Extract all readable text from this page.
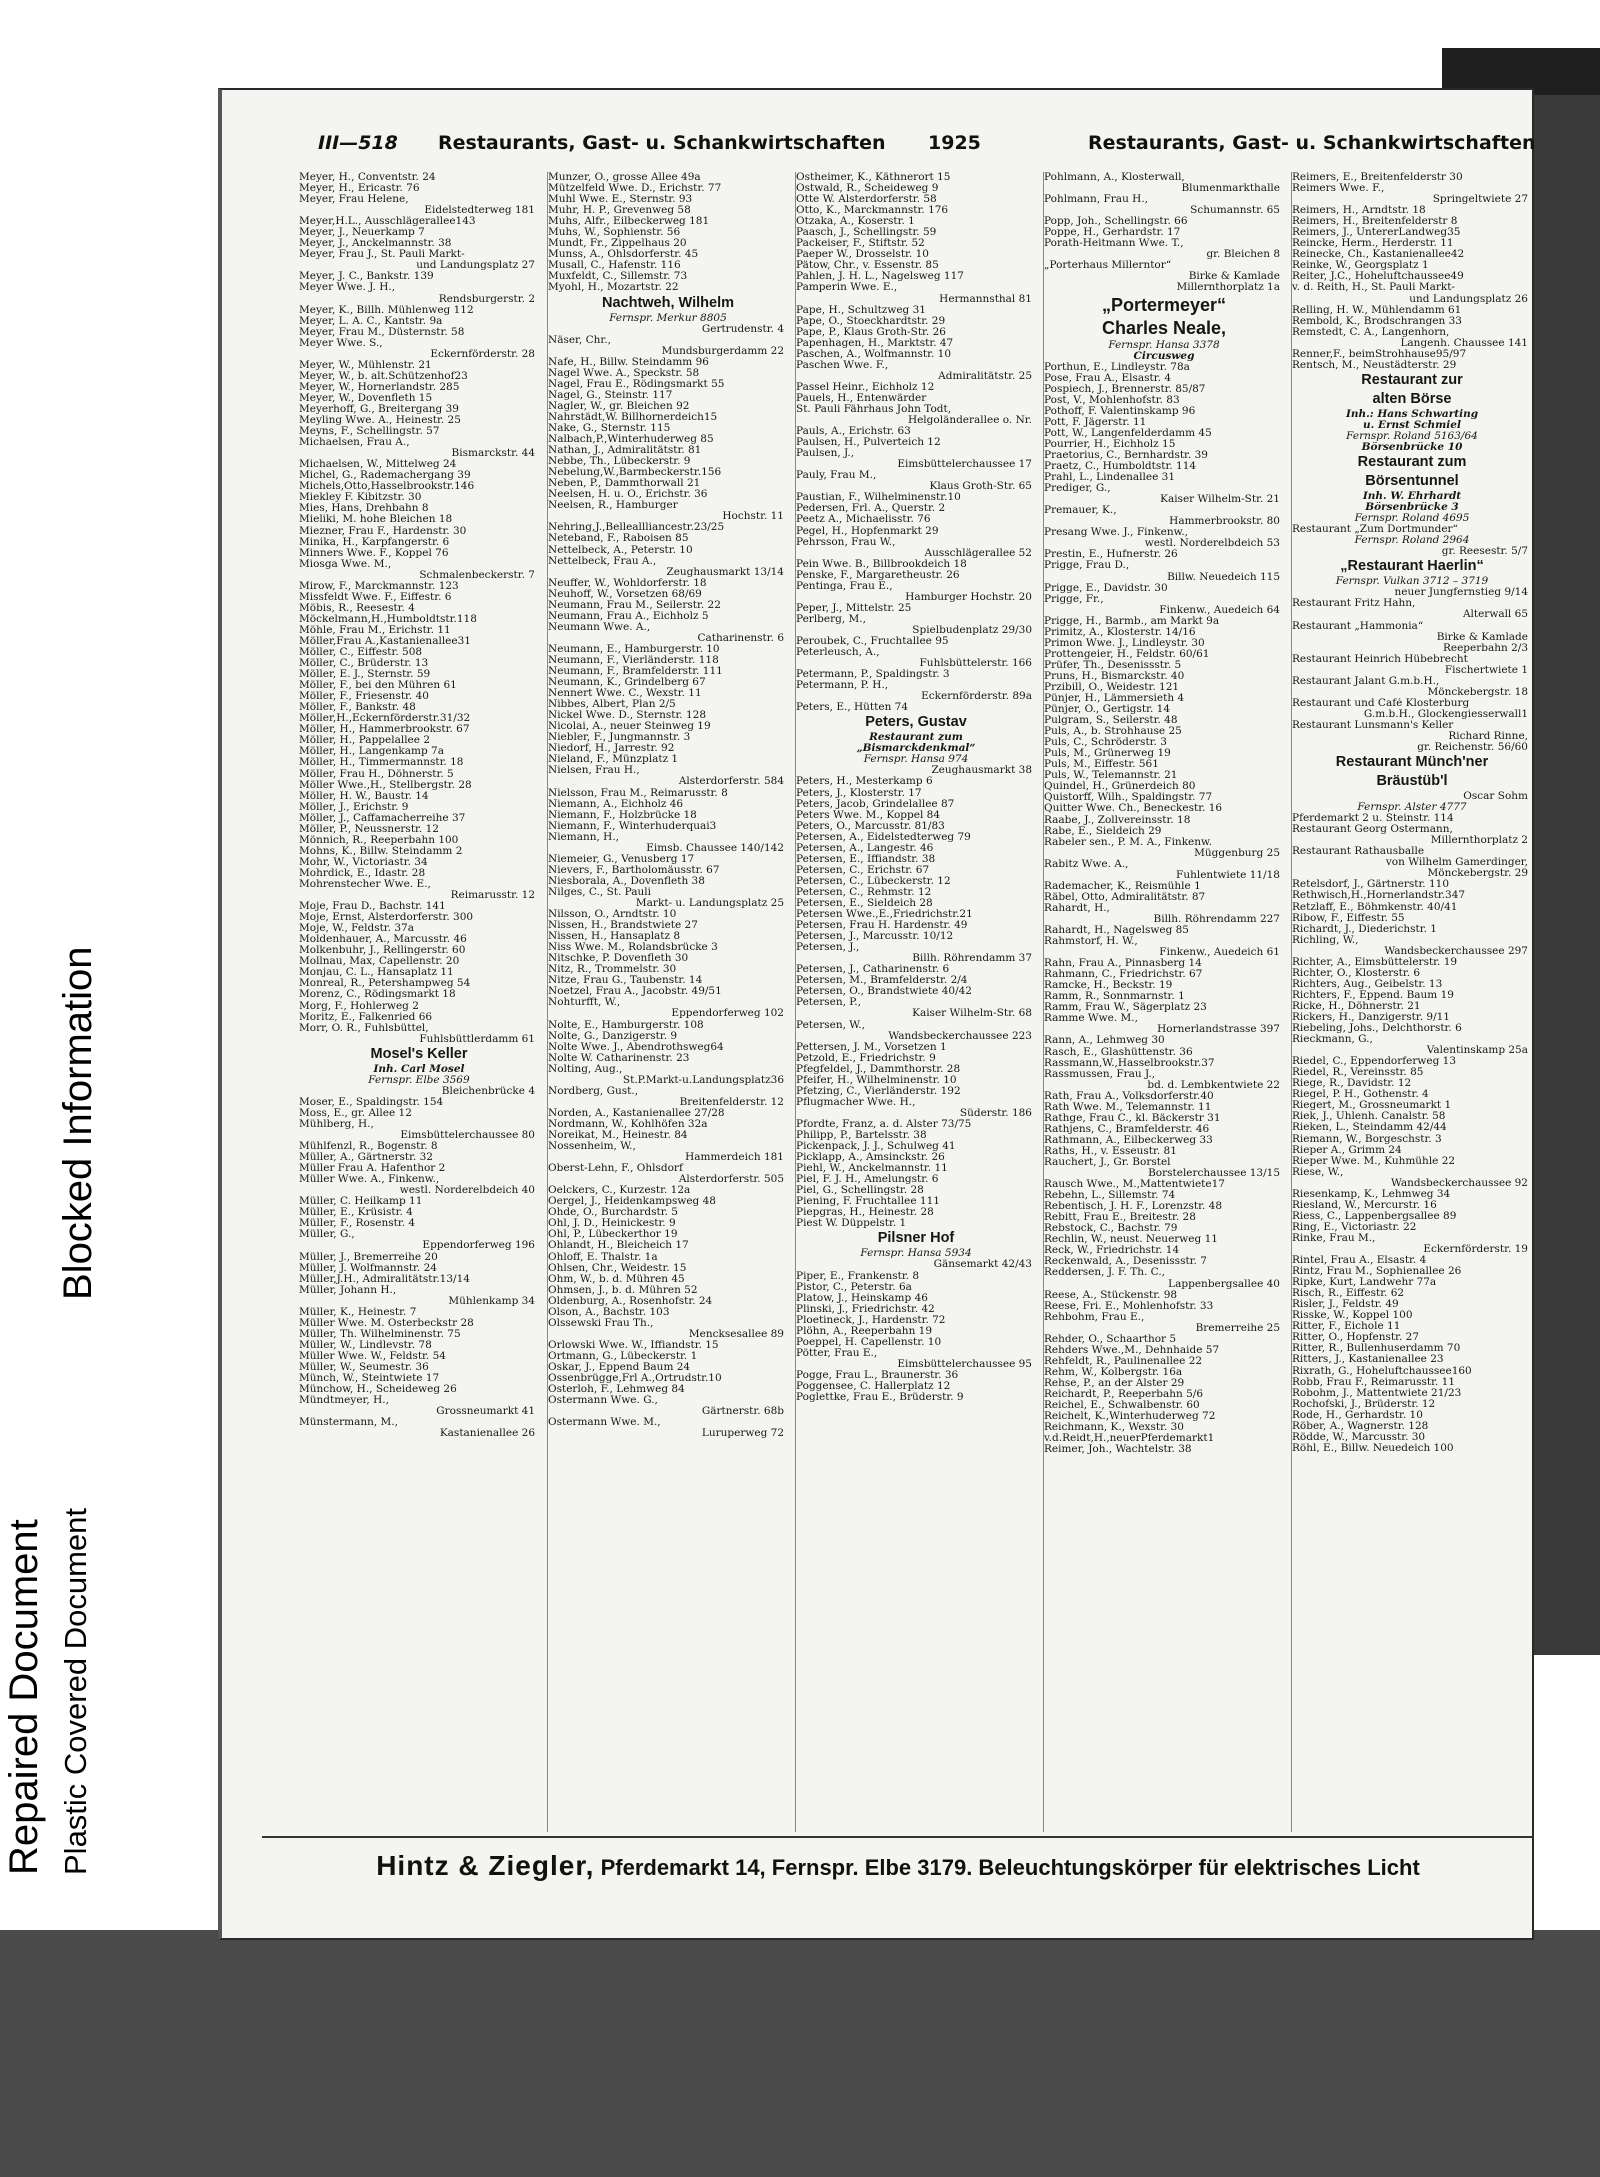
Repaired Document Plastic Covered Document
Blocked Information
III—518 Restaurants, Gast- u. Schankwirtschaften 1925	Restaurants, Gast- u. Schankwirtschaften
Meyer, H., Conventstr. 24
Meyer, H., Ericastr. 76
Meyer, Frau Helene,
Eidelstedterweg 181
Meyer,H.L., Ausschlägerallee143
Meyer, J., Neuerkamp 7
Meyer, J., Anckelmannstr. 38
Meyer, Frau J., St. Pauli Markt-
und Landungsplatz 27
Meyer, J. C., Bankstr. 139
Meyer Wwe. J. H.,
Rendsburgerstr. 2
Meyer, K., Billh. Mühlenweg 112
Meyer, L. A. C., Kantstr. 9a
Meyer, Frau M., Düsternstr. 58
Meyer Wwe. S.,
Eckernförderstr. 28
Meyer, W., Mühlenstr. 21
Meyer, W., b. alt.Schützenhof23
Meyer, W., Hornerlandstr. 285
Meyer, W., Dovenfleth 15
Meyerhoff, G., Breitergang 39
Meyling Wwe. A., Heinestr. 25
Meyns, F., Schellingstr. 57
Michaelsen, Frau A.,
Bismarckstr. 44
Michaelsen, W., Mittelweg 24
Michel, G., Rademachergang 39
Michels,Otto,Hasselbrookstr.146
Miekley F. Kibitzstr. 30
Mies, Hans, Drehbahn 8
Mieliki, M. hohe Bleichen 18
Miezner, Frau F., Hardenstr. 30
Minika, H., Karpfangerstr. 6
Minners Wwe. F., Koppel 76
Miosga Wwe. M.,
Schmalenbeckerstr. 7
Mirow, F., Marckmannstr. 123
Missfeldt Wwe. F., Eiffestr. 6
Möbis, R., Reesestr. 4
Möckelmann,H.,Humboldtstr.118
Möhle, Frau M., Erichstr. 11
Möller,Frau A.,Kastanienallee31
Möller, C., Eiffestr. 508
Möller, C., Brüderstr. 13
Möller, E. J., Sternstr. 59
Möller, F., bei den Mühren 61
Möller, F., Friesenstr. 40
Möller, F., Bankstr. 48
Möller,H.,Eckernförderstr.31/32
Möller, H., Hammerbrookstr. 67
Möller, H., Pappelallee 2
Möller, H., Langenkamp 7a
Möller, H., Timmermannstr. 18
Möller, Frau H., Döhnerstr. 5
Möller Wwe.,H., Stellbergstr. 28
Möller, H. W., Baustr. 14
Möller, J., Erichstr. 9
Möller, J., Caffamacherreihe 37
Möller, P., Neussnerstr. 12
Mönnich, R., Reeperbahn 100
Mohns, K., Billw. Steindamm 2
Mohr, W., Victoriastr. 34
Mohrdick, E., Idastr. 28
Mohrenstecher Wwe. E.,
Reimarusstr. 12
Moje, Frau D., Bachstr. 141
Moje, Ernst, Alsterdorferstr. 300
Moje, W., Feldstr. 37a
Moldenhauer, A., Marcusstr. 46
Molkenbuhr, J., Rellingerstr. 60
Mollnau, Max, Capellenstr. 20
Monjau, C. L., Hansaplatz 11
Monreal, R., Petershampweg 54
Morenz, C., Rödingsmarkt 18
Morg, F., Hohlerweg 2
Moritz, E., Falkenried 66
Morr, O. R., Fuhlsbüttel,
Fuhlsbüttlerdamm 61
Mosel's Keller
Inh. Carl Mosel
Fernspr. Elbe 3569
Bleichenbrücke 4
Moser, E., Spaldingstr. 154
Moss, E., gr. Allee 12
Mühlberg, H.,
Eimsbüttelerchaussee 80
Mühlfenzl, R., Bogenstr. 8
Müller, A., Gärtnerstr. 32
Müller Frau A. Hafenthor 2
Müller Wwe. A., Finkenw.,
westl. Norderelbdeich 40
Müller, C. Heilkamp 11
Müller, E., Krüsistr. 4
Müller, F., Rosenstr. 4
Müller, G.,
Eppendorferweg 196
Müller, J., Bremerreihe 20
Müller, J. Wolfmannstr. 24
Müller,J.H., Admiralitätstr.13/14
Müller, Johann H.,
Mühlenkamp 34
Müller, K., Heinestr. 7
Müller Wwe. M. Osterbeckstr 28
Müller, Th. Wilhelminenstr. 75
Müller, W., Lindlevstr. 78
Müller Wwe. W., Feldstr. 54
Müller, W., Seumestr. 36
Münch, W., Steintwiete 17
Münchow, H., Scheideweg 26
Mündtmeyer, H.,
Grossneumarkt 41
Münstermann, M.,
Kastanienallee 26
Munzer, O., grosse Allee 49a
Mützelfeld Wwe. D., Erichstr. 77
Muhl Wwe. E., Sternstr. 93
Muhr, H. P., Grevenweg 58
Muhs, Alfr., Eilbeckerweg 181
Muhs, W., Sophienstr. 56
Mundt, Fr., Zippelhaus 20
Munss, A., Ohlsdorferstr. 45
Musall, C., Hafenstr. 116
Muxfeldt, C., Sillemstr. 73
Myohl, H., Mozartstr. 22
Nachtweh, Wilhelm
Fernspr. Merkur 8805
Gertrudenstr. 4
Näser, Chr.,
Mundsburgerdamm 22
Nafe, H., Billw. Steindamm 96
Nagel Wwe. A., Speckstr. 58
Nagel, Frau E., Rödingsmarkt 55
Nagel, G., Steinstr. 117
Nagler, W., gr. Bleichen 92
Nahrstädt,W. Billhornerdeich15
Nake, G., Sternstr. 115
Nalbach,P.,Winterhuderweg 85
Nathan, J., Admiralitätstr. 81
Nebbe, Th., Lübeckerstr. 9
Nebelung,W.,Barmbeckerstr.156
Neben, P., Dammthorwall 21
Neelsen, H. u. O., Erichstr. 36
Neelsen, R., Hamburger
Hochstr. 11
Nehring,J.,Belleallliancestr.23/25
Neteband, F., Raboisen 85
Nettelbeck, A., Peterstr. 10
Nettelbeck, Frau A.,
Zeughausmarkt 13/14
Neuffer, W., Wohldorferstr. 18
Neuhoff, W., Vorsetzen 68/69
Neumann, Frau M., Seilerstr. 22
Neumann, Frau A., Eichholz 5
Neumann Wwe. A.,
Catharinenstr. 6
Neumann, E., Hamburgerstr. 10
Neumann, F., Vierländerstr. 118
Neumann, F., Bramfelderstr. 111
Neumann, K., Grindelberg 67
Nennert Wwe. C., Wexstr. 11
Nibbes, Albert, Plan 2/5
Nickel Wwe. D., Sternstr. 128
Nicolai, A., neuer Steinweg 19
Niebler, F., Jungmannstr. 3
Niedorf, H., Jarrestr. 92
Nieland, F., Münzplatz 1
Nielsen, Frau H.,
Alsterdorferstr. 584
Nielsson, Frau M., Reimarusstr. 8
Niemann, A., Eichholz 46
Niemann, F., Holzbrücke 18
Niemann, F., Winterhuderquai3
Niemann, H.,
Eimsb. Chaussee 140/142
Niemeier, G., Venusberg 17
Nievers, F., Bartholomäusstr. 67
Niesborala, A., Dovenfleth 38
Nilges, C., St. Pauli
Markt- u. Landungsplatz 25
Nilsson, O., Arndtstr. 10
Nissen, H., Brandstwiete 27
Nissen, H., Hansaplatz 8
Niss Wwe. M., Rolandsbrücke 3
Nitschke, P. Dovenfleth 30
Nitz, R., Trommelstr. 30
Nitze, Frau G., Taubenstr. 14
Noetzel, Frau A., Jacobstr. 49/51
Nohturfft, W.,
Eppendorferweg 102
Nolte, E., Hamburgerstr. 108
Nolte, G., Danzigerstr. 9
Nolte Wwe. J., Abendrothsweg64
Nolte W. Catharinenstr. 23
Nolting, Aug.,
St.P.Markt-u.Landungsplatz36
Nordberg, Gust.,
Breitenfelderstr. 12
Norden, A., Kastanienallee 27/28
Nordmann, W., Kohlhöfen 32a
Noreikat, M., Heinestr. 84
Nossenheim, W.,
Hammerdeich 181
Oberst-Lehn, F., Ohlsdorf
Alsterdorferstr. 505
Oelckers, C., Kurzestr. 12a
Oergel, J., Heidenkampsweg 48
Ohde, O., Burchardstr. 5
Ohl, J. D., Heinickestr. 9
Ohl, P., Lübeckerthor 19
Ohlandt, H., Bleicheich 17
Ohloff, E. Thalstr. 1a
Ohlsen, Chr., Weidestr. 15
Ohm, W., b. d. Mühren 45
Ohmsen, J., b. d. Mühren 52
Oldenburg, A., Rosenhofstr. 24
Olson, A., Bachstr. 103
Olssewski Frau Th.,
Mencksesallee 89
Orlowski Wwe. W., Iffiandstr. 15
Ortmann, G., Lübeckerstr. 1
Oskar, J., Eppend Baum 24
Ossenbrügge,Frl A.,Ortrudstr.10
Osterloh, F., Lehmweg 84
Ostermann Wwe. G.,
Gärtnerstr. 68b
Ostermann Wwe. M.,
Luruperweg 72
Ostheimer, K., Käthnerort 15
Ostwald, R., Scheideweg 9
Otte W. Alsterdorferstr. 58
Otto, K., Marckmannstr. 176
Otzaka, A., Koserstr. 1
Paasch, J., Schellingstr. 59
Packeiser, F., Stiftstr. 52
Paeper W., Drosselstr. 10
Pätow, Chr., v. Essenstr. 85
Pahlen, J. H. L., Nagelsweg 117
Pamperin Wwe. E.,
Hermannsthal 81
Pape, H., Schultzweg 31
Pape, O., Stoeckhardtstr. 29
Pape, P., Klaus Groth-Str. 26
Papenhagen, H., Marktstr. 47
Paschen, A., Wolfmannstr. 10
Paschen Wwe. F.,
Admiralitätstr. 25
Passel Heinr., Eichholz 12
Pauels, H., Entenwärder
St. Pauli Fährhaus John Todt,
Helgoländerallee o. Nr.
Pauls, A., Erichstr. 63
Paulsen, H., Pulverteich 12
Paulsen, J.,
Eimsbüttelerchaussee 17
Pauly, Frau M.,
Klaus Groth-Str. 65
Paustian, F., Wilhelminenstr.10
Pedersen, Frl. A., Querstr. 2
Peetz A., Michaelisstr. 76
Pegel, H., Hopfenmarkt 29
Pehrsson, Frau W.,
Ausschlägerallee 52
Pein Wwe. B., Billbrookdeich 18
Penske, F., Margaretheustr. 26
Pentinga, Frau E.,
Hamburger Hochstr. 20
Peper, J., Mittelstr. 25
Perlberg, M.,
Spielbudenplatz 29/30
Peroubek, C., Fruchtallee 95
Peterleusch, A.,
Fuhlsbüttelerstr. 166
Petermann, P., Spaldingstr. 3
Petermann, P. H.,
Eckernförderstr. 89a
Peters, E., Hütten 74
Peters, Gustav
Restaurant zum
„Bismarckdenkmal“
Fernspr. Hansa 974
Zeughausmarkt 38
Peters, H., Mesterkamp 6
Peters, J., Klosterstr. 17
Peters, Jacob, Grindelallee 87
Peters Wwe. M., Koppel 84
Peters, O., Marcusstr. 81/83
Petersen, A., Eidelstedterweg 79
Petersen, A., Langestr. 46
Petersen, E., Iffiandstr. 38
Petersen, C., Erichstr. 67
Petersen, C., Lübeckerstr. 12
Petersen, C., Rehmstr. 12
Petersen, E., Sieldeich 28
Petersen Wwe.,E.,Friedrichstr.21
Petersen, Frau H. Hardenstr. 49
Petersen, J., Marcusstr. 10/12
Petersen, J.,
Billh. Röhrendamm 37
Petersen, J., Catharinenstr. 6
Petersen, M., Bramfelderstr. 2/4
Petersen, O., Brandstwiete 40/42
Petersen, P.,
Kaiser Wilhelm-Str. 68
Petersen, W.,
Wandsbeckerchaussee 223
Pettersen, J. M., Vorsetzen 1
Petzold, E., Friedrichstr. 9
Pfegfeldel, J., Dammthorstr. 28
Pfeifer, H., Wilhelminenstr. 10
Pfetzing, C., Vierländerstr. 192
Pflugmacher Wwe. H.,
Süderstr. 186
Pfordte, Franz, a. d. Alster 73/75
Philipp, P., Bartelsstr. 38
Pickenpack, J. J., Schulweg 41
Picklapp, A., Amsinckstr. 26
Piehl, W., Anckelmannstr. 11
Piel, F. J. H., Amelungstr. 6
Piel, G., Schellingstr. 28
Piening, F. Fruchtallee 111
Piepgras, H., Heinestr. 28
Piest W. Düppelstr. 1
Pilsner Hof
Fernspr. Hansa 5934
Gänsemarkt 42/43
Piper, E., Frankenstr. 8
Pistor, C., Peterstr. 6a
Platow, J., Heinskamp 46
Plinski, J., Friedrichstr. 42
Ploetineck, J., Hardenstr. 72
Plöhn, A., Reeperbahn 19
Poeppel, H. Capellenstr. 10
Pötter, Frau E.,
Eimsbüttelerchaussee 95
Pogge, Frau L., Braunerstr. 36
Poggensee, C. Hallerplatz 12
Poglettke, Frau E., Brüderstr. 9
Pohlmann, A., Klosterwall,
Blumenmarkthalle
Pohlmann, Frau H.,
Schumannstr. 65
Popp, Joh., Schellingstr. 66
Poppe, H., Gerhardstr. 17
Porath-Heitmann Wwe. T.,
gr. Bleichen 8
„Porterhaus Millerntor“
Birke & Kamlade
Millernthorplatz 1a
„Portermeyer“
Charles Neale,
Fernspr. Hansa 3378
Circusweg
Porthun, E., Lindleystr. 78a
Pose, Frau A., Elsastr. 4
Pospiech, J., Brennerstr. 85/87
Post, V., Mohlenhofstr. 83
Pothoff, F. Valentinskamp 96
Pott, F. Jägerstr. 11
Pott, W., Langenfelderdamm 45
Pourrier, H., Eichholz 15
Praetorius, C., Bernhardstr. 39
Praetz, C., Humboldtstr. 114
Prahl, L., Lindenallee 31
Prediger, G.,
Kaiser Wilhelm-Str. 21
Premauer, K.,
Hammerbrookstr. 80
Presang Wwe. J., Finkenw.,
westl. Norderelbdeich 53
Prestin, E., Hufnerstr. 26
Prigge, Frau D.,
Billw. Neuedeich 115
Prigge, E., Davidstr. 30
Prigge, Fr.,
Finkenw., Auedeich 64
Prigge, H., Barmb., am Markt 9a
Primitz, A., Klosterstr. 14/16
Primon Wwe. J., Lindleystr. 30
Prottengeier, H., Feldstr. 60/61
Prüfer, Th., Desenissstr. 5
Pruns, H., Bismarckstr. 40
Przibill, O., Weidestr. 121
Pünjer, H., Lämmersieth 4
Pünjer, O., Gertigstr. 14
Pulgram, S., Seilerstr. 48
Puls, A., b. Strohhause 25
Puls, C., Schröderstr. 3
Puls, M., Grünerweg 19
Puls, M., Eiffestr. 561
Puls, W., Telemannstr. 21
Quindel, H., Grünerdeich 80
Quistorff, Wilh., Spaldingstr. 77
Quitter Wwe. Ch., Beneckestr. 16
Raabe, J., Zollvereinsstr. 18
Rabe, E., Sieldeich 29
Rabeler sen., P. M. A., Finkenw.
Müggenburg 25
Rabitz Wwe. A.,
Fuhlentwiete 11/18
Rademacher, K., Reismühle 1
Räbel, Otto, Admiralitätstr. 87
Rahardt, H.,
Billh. Röhrendamm 227
Rahardt, H., Nagelsweg 85
Rahmstorf, H. W.,
Finkenw., Auedeich 61
Rahn, Frau A., Pinnasberg 14
Rahmann, C., Friedrichstr. 67
Ramcke, H., Beckstr. 19
Ramm, R., Sonnmarnstr. 1
Ramm, Frau W., Sägerplatz 23
Ramme Wwe. M.,
Hornerlandstrasse 397
Rann, A., Lehmweg 30
Rasch, E., Glashüttenstr. 36
Rassmann,W.,Hasselbrookstr.37
Rassmussen, Frau J.,
bd. d. Lembkentwiete 22
Rath, Frau A., Volksdorferstr.40
Rath Wwe. M., Telemannstr. 11
Rathge, Frau C., kl. Bäckerstr 31
Rathjens, C., Bramfelderstr. 46
Rathmann, A., Eilbeckerweg 33
Raths, H., v. Esseustr. 81
Rauchert, J., Gr. Borstel
Borstelerchaussee 13/15
Rausch Wwe., M.,Mattentwiete17
Rebehn, L., Sillemstr. 74
Rebentisch, J. H. F., Lorenzstr. 48
Rebitt, Frau E., Breitestr. 28
Rebstock, C., Bachstr. 79
Rechlin, W., neust. Neuerweg 11
Reck, W., Friedrichstr. 14
Reckenwald, A., Desenissstr. 7
Reddersen, J. F. Th. C.,
Lappenbergsallee 40
Reese, A., Stückenstr. 98
Reese, Fri. E., Mohlenhofstr. 33
Rehbohm, Frau E.,
Bremerreihe 25
Rehder, O., Schaarthor 5
Rehders Wwe.,M., Dehnhaide 57
Rehfeldt, R., Paulinenallee 22
Rehm, W., Kolbergstr. 16a
Rehse, P., an der Alster 29
Reichardt, P., Reeperbahn 5/6
Reichel, E., Schwalbenstr. 60
Reichelt, K.,Winterhuderweg 72
Reichmann, K., Wexstr. 30
v.d.Reidt,H.,neuerPferdemarkt1
Reimer, Joh., Wachtelstr. 38
Reimers, E., Breitenfelderstr 30
Reimers Wwe. F.,
Springeltwiete 27
Reimers, H., Arndtstr. 18
Reimers, H., Breitenfelderstr 8
Reimers, J., UntererLandweg35
Reincke, Herm., Herderstr. 11
Reinecke, Ch., Kastanienallee42
Reinke, W., Georgsplatz 1
Reiter, J.C., Hoheluftchaussee49
v. d. Reith, H., St. Pauli Markt-
und Landungsplatz 26
Relling, H. W., Mühlendamm 61
Rembold, K., Brodschrangen 33
Remstedt, C. A., Langenhorn,
Langenh. Chaussee 141
Renner,F., beimStrohhause95/97
Rentsch, M., Neustädterstr. 29
Restaurant zur
alten Börse
Inh.: Hans Schwarting
u. Ernst Schmiel
Fernspr. Roland 5163/64
Börsenbrücke 10
Restaurant zum
Börsentunnel
Inh. W. Ehrhardt
Börsenbrücke 3
Fernspr. Roland 4695
Restaurant „Zum Dortmunder“
Fernspr. Roland 2964
gr. Reesestr. 5/7
„Restaurant Haerlin“
Fernspr. Vulkan 3712 – 3719
neuer Jungfernstieg 9/14
Restaurant Fritz Hahn,
Alterwall 65
Restaurant „Hammonia“
Birke & Kamlade
Reeperbahn 2/3
Restaurant Heinrich Hübebrecht
Fischertwiete 1
Restaurant Jalant G.m.b.H.,
Mönckebergstr. 18
Restaurant und Café Klosterburg
G.m.b.H., Glockengiesserwall1
Restaurant Lunsmann's Keller
Richard Rinne,
gr. Reichenstr. 56/60
Restaurant Münch'ner
Bräustüb'l
Oscar Sohm
Fernspr. Alster 4777
Pferdemarkt 2 u. Steinstr. 114
Restaurant Georg Ostermann,
Millernthorplatz 2
Restaurant Rathausballe
von Wilhelm Gamerdinger,
Mönckebergstr. 29
Retelsdorf, J., Gärtnerstr. 110
Rethwisch,H.,Hornerlandstr.347
Retzlaff, E., Böhmkenstr. 40/41
Ribow, F., Eiffestr. 55
Richardt, J., Diederichstr. 1
Richling, W.,
Wandsbeckerchaussee 297
Richter, A., Eimsbüttelerstr. 19
Richter, O., Klosterstr. 6
Richters, Aug., Geibelstr. 13
Richters, F., Eppend. Baum 19
Ricke, H., Döhnerstr. 21
Rickers, H., Danzigerstr. 9/11
Riebeling, Johs., Delchthorstr. 6
Rieckmann, G.,
Valentinskamp 25a
Riedel, C., Eppendorferweg 13
Riedel, R., Vereinsstr. 85
Riege, R., Davidstr. 12
Riegel, P. H., Gothenstr. 4
Riegert, M., Grossneumarkt 1
Riek, J., Uhlenh. Canalstr. 58
Rieken, L., Steindamm 42/44
Riemann, W., Borgeschstr. 3
Rieper A., Grimm 24
Rieper Wwe. M., Kuhmühle 22
Riese, W.,
Wandsbeckerchaussee 92
Riesenkamp, K., Lehmweg 34
Riesland, W., Mercurstr. 16
Riess, C., Lappenbergsallee 89
Ring, E., Victoriastr. 22
Rinke, Frau M.,
Eckernförderstr. 19
Rintel, Frau A., Elsastr. 4
Rintz, Frau M., Sophienallee 26
Ripke, Kurt, Landwehr 77a
Risch, R., Eiffestr. 62
Risler, J., Feldstr. 49
Risske, W., Koppel 100
Ritter, F., Eichole 11
Ritter, O., Hopfenstr. 27
Ritter, R., Bullenhuserdamm 70
Ritters, J., Kastanienallee 23
Rixrath, G., Hoheluftchaussee160
Robb, Frau F., Reimarusstr. 11
Robohm, J., Mattentwiete 21/23
Rochofski, J., Brüderstr. 12
Rode, H., Gerhardstr. 10
Röber, A., Wagnerstr. 128
Rödde, W., Marcusstr. 30
Röhl, E., Billw. Neuedeich 100
Hintz & Ziegler, Pferdemarkt 14, Fernspr. Elbe 3179. Beleuchtungskörper für elektrisches Licht
